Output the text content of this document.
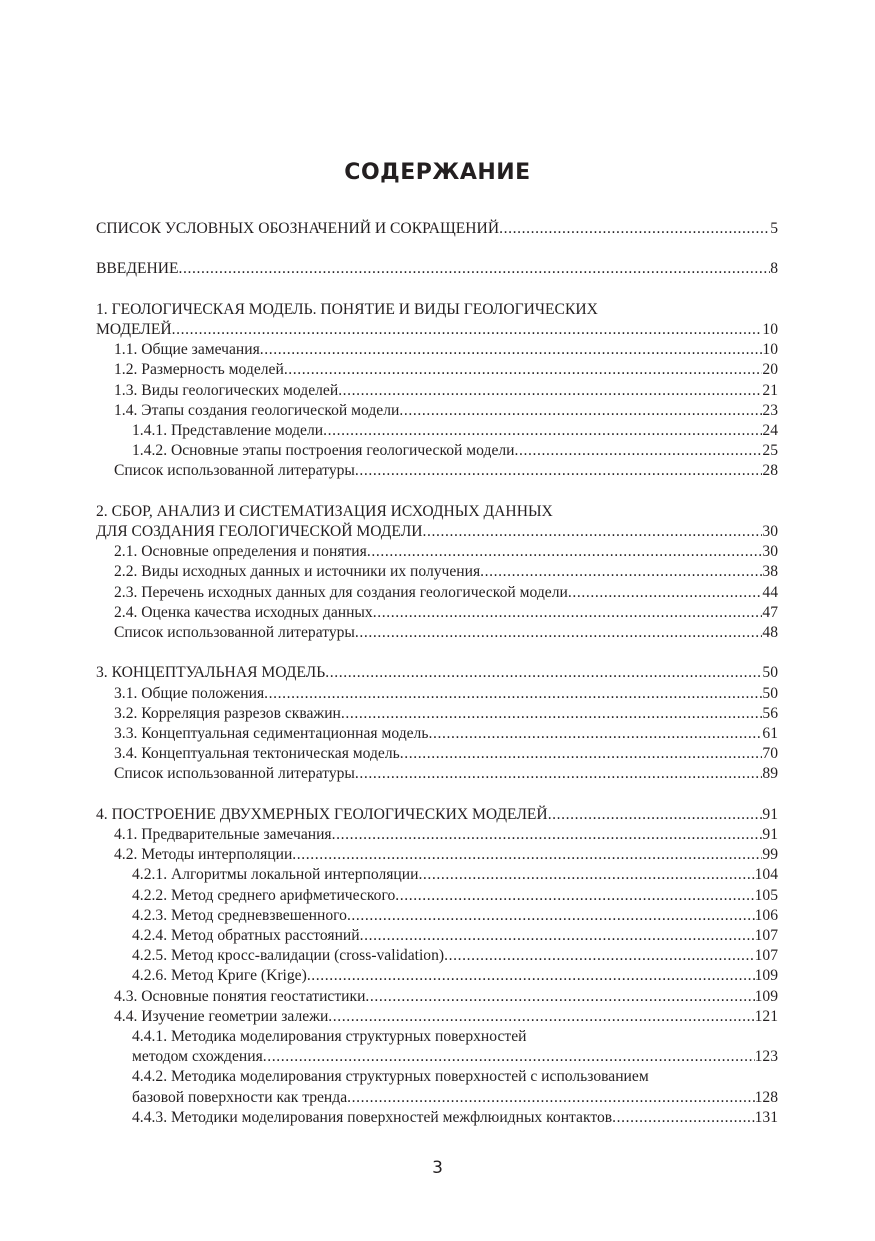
СОДЕРЖАНИЕ
СПИСОК УСЛОВНЫХ ОБОЗНАЧЕНИЙ И СОКРАЩЕНИЙ .....	5
ВВЕДЕНИЕ .....	8
1. ГЕОЛОГИЧЕСКАЯ МОДЕЛЬ. ПОНЯТИЕ И ВИДЫ ГЕОЛОГИЧЕСКИХ
МОДЕЛЕЙ .....	10
1.1. Общие замечания .....	10
1.2. Размерность моделей .....	20
1.3. Виды геологических моделей .....	21
1.4. Этапы создания геологической модели .....	23
1.4.1. Представление модели .....	24
1.4.2. Основные этапы построения геологической модели .....	25
Список использованной литературы .....	28
2. СБОР, АНАЛИЗ И СИСТЕМАТИЗАЦИЯ ИСХОДНЫХ ДАННЫХ
ДЛЯ СОЗДАНИЯ ГЕОЛОГИЧЕСКОЙ МОДЕЛИ .....	30
2.1. Основные определения и понятия .....	30
2.2. Виды исходных данных и источники их получения .....	38
2.3. Перечень исходных данных для создания геологической модели .....	44
2.4. Оценка качества исходных данных .....	47
Список использованной литературы .....	48
3. КОНЦЕПТУАЛЬНАЯ МОДЕЛЬ .....	50
3.1. Общие положения .....	50
3.2. Корреляция разрезов скважин .....	56
3.3. Концептуальная седиментационная модель .....	61
3.4. Концептуальная тектоническая модель .....	70
Список использованной литературы .....	89
4. ПОСТРОЕНИЕ ДВУХМЕРНЫХ ГЕОЛОГИЧЕСКИХ МОДЕЛЕЙ .....	91
4.1. Предварительные замечания .....	91
4.2. Методы интерполяции .....	99
4.2.1. Алгоритмы локальной интерполяции .....	104
4.2.2. Метод среднего арифметического .....	105
4.2.3. Метод средневзвешенного .....	106
4.2.4. Метод обратных расстояний .....	107
4.2.5. Метод кросс-валидации (cross-validation) .....	107
4.2.6. Метод Криге (Krige) .....	109
4.3. Основные понятия геостатистики .....	109
4.4. Изучение геометрии залежи .....	121
4.4.1. Методика моделирования структурных поверхностей
методом схождения .....	123
4.4.2. Методика моделирования структурных поверхностей с использованием
базовой поверхности как тренда .....	128
4.4.3. Методики моделирования поверхностей межфлюидных контактов .....	131
3
